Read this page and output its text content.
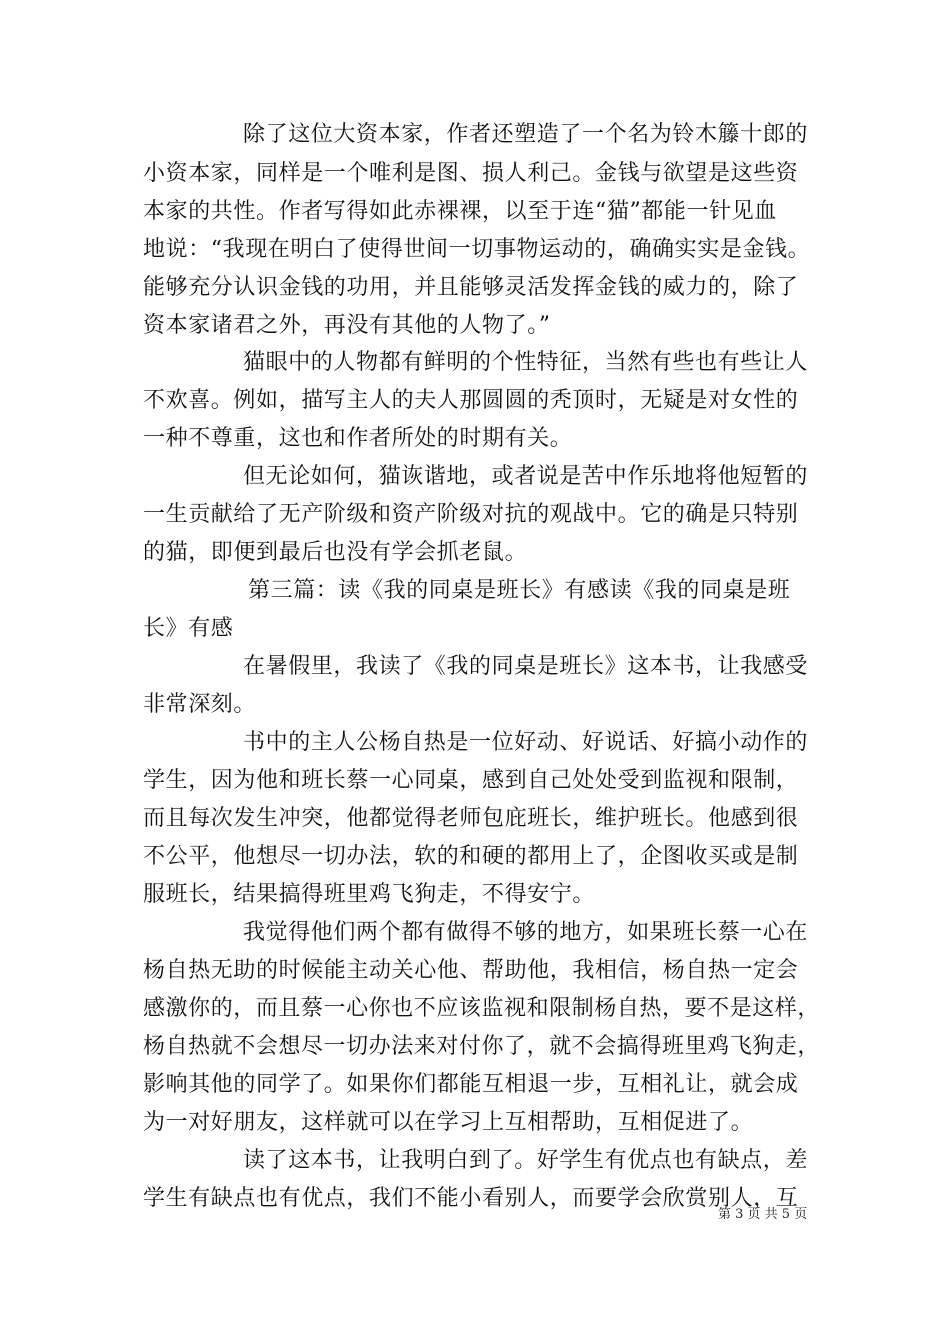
除了这位大资本家，作者还塑造了一个名为铃木籐十郎的
小资本家，同样是一个唯利是图、损人利己。金钱与欲望是这些资
本家的共性。作者写得如此赤裸裸，以至于连“猫”都能一针见血
地说：“我现在明白了使得世间一切事物运动的，确确实实是金钱。
能够充分认识金钱的功用，并且能够灵活发挥金钱的威力的，除了
资本家诸君之外，再没有其他的人物了。”
猫眼中的人物都有鲜明的个性特征，当然有些也有些让人
不欢喜。例如，描写主人的夫人那圆圆的秃顶时，无疑是对女性的
一种不尊重，这也和作者所处的时期有关。
但无论如何，猫诙谐地，或者说是苦中作乐地将他短暂的
一生贡献给了无产阶级和资产阶级对抗的观战中。它的确是只特别
的猫，即便到最后也没有学会抓老鼠。
第三篇：读《我的同桌是班长》有感读《我的同桌是班
长》有感
在暑假里，我读了《我的同桌是班长》这本书，让我感受
非常深刻。
书中的主人公杨自热是一位好动、好说话、好搞小动作的
学生，因为他和班长蔡一心同桌，感到自己处处受到监视和限制，
而且每次发生冲突，他都觉得老师包庇班长，维护班长。他感到很
不公平，他想尽一切办法，软的和硬的都用上了，企图收买或是制
服班长，结果搞得班里鸡飞狗走，不得安宁。
我觉得他们两个都有做得不够的地方，如果班长蔡一心在
杨自热无助的时候能主动关心他、帮助他，我相信，杨自热一定会
感激你的，而且蔡一心你也不应该监视和限制杨自热，要不是这样，
杨自热就不会想尽一切办法来对付你了，就不会搞得班里鸡飞狗走，
影响其他的同学了。如果你们都能互相退一步，互相礼让，就会成
为一对好朋友，这样就可以在学习上互相帮助，互相促进了。
读了这本书，让我明白到了。好学生有优点也有缺点，差
学生有缺点也有优点，我们不能小看别人，而要学会欣赏别人，互
第 3 页 共 5 页
